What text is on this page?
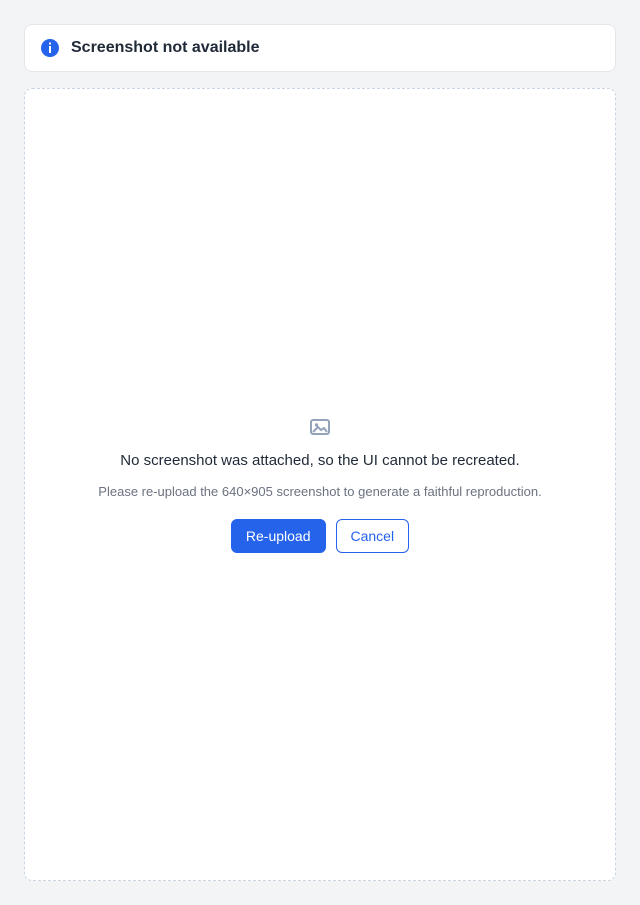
Screenshot not available
No screenshot was attached, so the UI cannot be recreated.
Please re-upload the 640×905 screenshot to generate a faithful reproduction.
Re-upload	Cancel
